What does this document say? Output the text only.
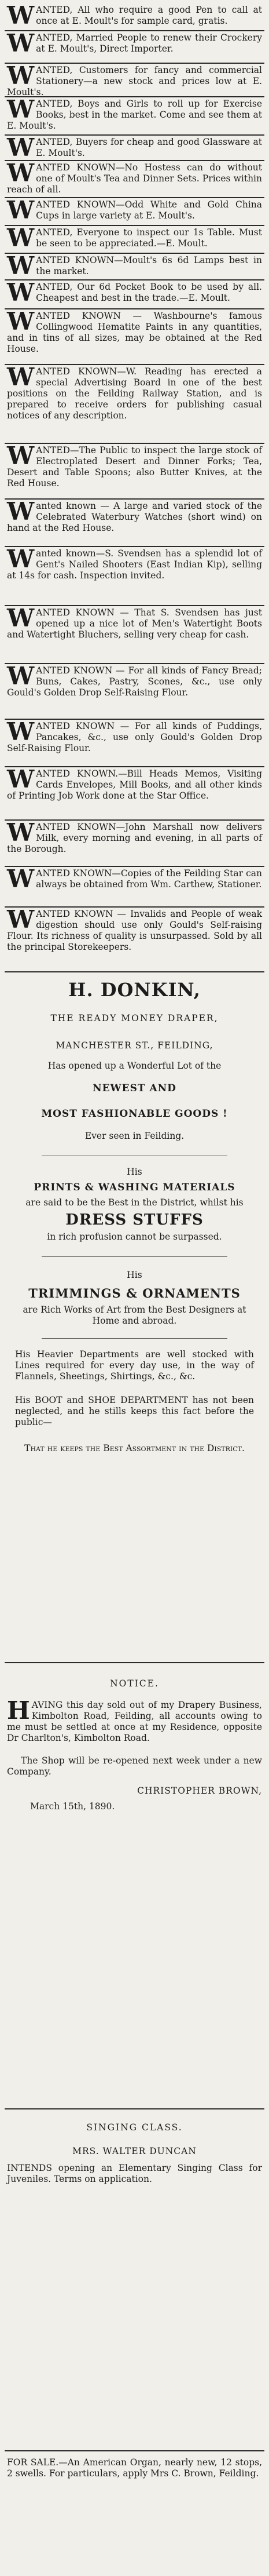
WANTED, All who require a good Pen to call at once at E. Moult's for sample card, gratis.
WANTED, Married People to renew their Crockery at E. Moult's, Direct Importer.
WANTED, Customers for fancy and commercial Stationery—a new stock and prices low at E. Moult's.
WANTED, Boys and Girls to roll up for Exercise Books, best in the market. Come and see them at E. Moult's.
WANTED, Buyers for cheap and good Glassware at E. Moult's.
WANTED KNOWN—No Hostess can do without one of Moult's Tea and Dinner Sets. Prices within reach of all.
WANTED KNOWN—Odd White and Gold China Cups in large variety at E. Moult's.
WANTED, Everyone to inspect our 1s Table. Must be seen to be appreciated.—E. Moult.
WANTED KNOWN—Moult's 6s 6d Lamps best in the market.
WANTED, Our 6d Pocket Book to be used by all. Cheapest and best in the trade.—E. Moult.
WANTED KNOWN — Washbourne's famous Collingwood Hematite Paints in any quantities, and in tins of all sizes, may be obtained at the Red House.
WANTED KNOWN—W. Reading has erected a special Advertising Board in one of the best positions on the Feilding Railway Station, and is prepared to receive orders for publishing casual notices of any description.
WANTED—The Public to inspect the large stock of Electroplated Desert and Dinner Forks; Tea, Desert and Table Spoons; also Butter Knives, at the Red House.
Wanted known — A large and varied stock of the Celebrated Waterbury Watches (short wind) on hand at the Red House.
Wanted known—S. Svendsen has a splendid lot of Gent's Nailed Shooters (East Indian Kip), selling at 14s for cash. Inspection invited.
WANTED KNOWN — That S. Svendsen has just opened up a nice lot of Men's Watertight Boots and Watertight Bluchers, selling very cheap for cash.
WANTED KNOWN — For all kinds of Fancy Bread; Buns, Cakes, Pastry, Scones, &c., use only Gould's Golden Drop Self-Raising Flour.
WANTED KNOWN — For all kinds of Puddings, Pancakes, &c., use only Gould's Golden Drop Self-Raising Flour.
WANTED KNOWN.—Bill Heads Memos, Visiting Cards Envelopes, Mill Books, and all other kinds of Printing Job Work done at the Star Office.
WANTED KNOWN—John Marshall now delivers Milk, every morning and evening, in all parts of the Borough.
WANTED KNOWN—Copies of the Feilding Star can always be obtained from Wm. Carthew, Stationer.
WANTED KNOWN — Invalids and People of weak digestion should use only Gould's Self-raising Flour. Its richness of quality is unsurpassed. Sold by all the principal Storekeepers.
H. DONKIN,
THE READY MONEY DRAPER,
MANCHESTER ST., FEILDING,
Has opened up a Wonderful Lot of the
NEWEST AND
MOST FASHIONABLE GOODS !
Ever seen in Feilding.
His
PRINTS & WASHING MATERIALS
are said to be the Best in the District, whilst his
DRESS STUFFS
in rich profusion cannot be surpassed.
His
TRIMMINGS & ORNAMENTS
are Rich Works of Art from the Best Designers at Home and abroad.
His Heavier Departments are well stocked with Lines required for every day use, in the way of Flannels, Sheetings, Shirtings, &c., &c.
His BOOT and SHOE DEPARTMENT has not been neglected, and he stills keeps this fact before the public—
That he keeps the Best Assortment in the District.
NOTICE.
HAVING this day sold out of my Drapery Business, Kimbolton Road, Feilding, all accounts owing to me must be settled at once at my Residence, opposite Dr Charlton's, Kimbolton Road.
The Shop will be re-opened next week under a new Company.
CHRISTOPHER BROWN,
March 15th, 1890.
SINGING CLASS.
MRS. WALTER DUNCAN
INTENDS opening an Elementary Singing Class for Juveniles. Terms on application.
FOR SALE.—An American Organ, nearly new, 12 stops, 2 swells. For particulars, apply Mrs C. Brown, Feilding.
